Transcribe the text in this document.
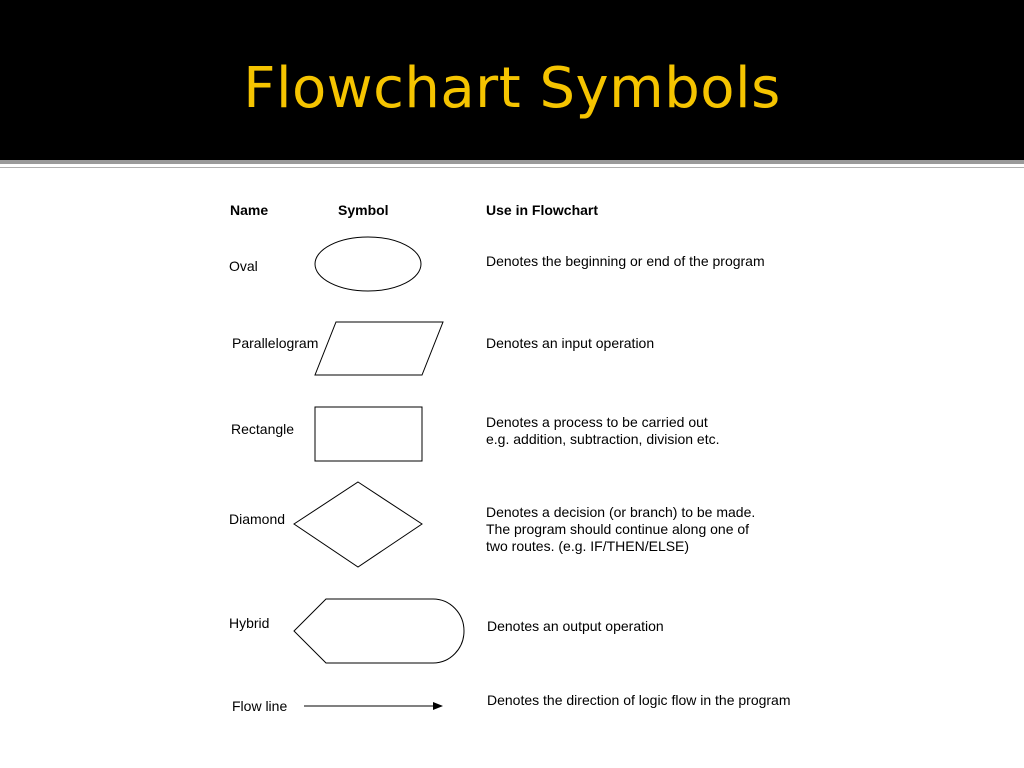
Flowchart Symbols
Name	Symbol	Use in Flowchart
Oval	Denotes the beginning or end of the program
Parallelogram	Denotes an input operation
Rectangle	Denotes a process to be carried out
e.g. addition, subtraction, division etc.
Diamond	Denotes a decision (or branch) to be made.
The program should continue along one of
two routes. (e.g. IF/THEN/ELSE)
Hybrid	Denotes an output operation
Flow line	Denotes the direction of logic flow in the program
